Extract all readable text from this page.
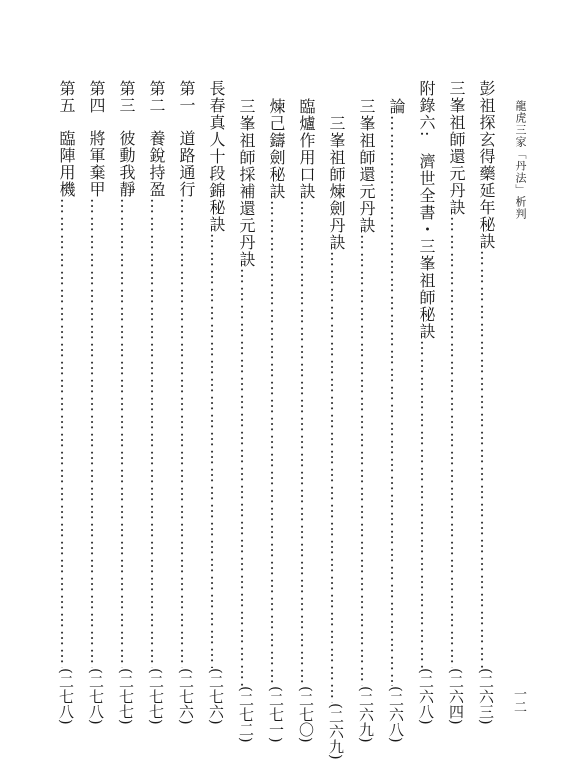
龍虎三家「丹法」析判
一二
彭祖探玄得藥延年秘訣
……………………………………………………………………………………………………………
(二六三)
三峯祖師還元丹訣
……………………………………………………………………………………………………………
(二六四)
附錄六:
濟世全書・三峯祖師秘訣
……………………………………………………………………………………………………………
(二六八)
論
……………………………………………………………………………………………………………
(二六八)
三峯祖師還元丹訣
……………………………………………………………………………………………………………
(二六九)
三峯祖師煉劍丹訣
……………………………………………………………………………………………………………
(二六九)
臨爐作用口訣
……………………………………………………………………………………………………………
(二七〇)
煉己鑄劍秘訣
……………………………………………………………………………………………………………
(二七一)
三峯祖師採補還元丹訣
……………………………………………………………………………………………………………
(二七二)
長春真人十段錦秘訣
……………………………………………………………………………………………………………
(二七六)
第一
道路通行
……………………………………………………………………………………………………………
(二七六)
第二
養銳持盈
……………………………………………………………………………………………………………
(二七七)
第三
彼動我靜
……………………………………………………………………………………………………………
(二七七)
第四
將軍棄甲
……………………………………………………………………………………………………………
(二七八)
第五
臨陣用機
……………………………………………………………………………………………………………
(二七八)
